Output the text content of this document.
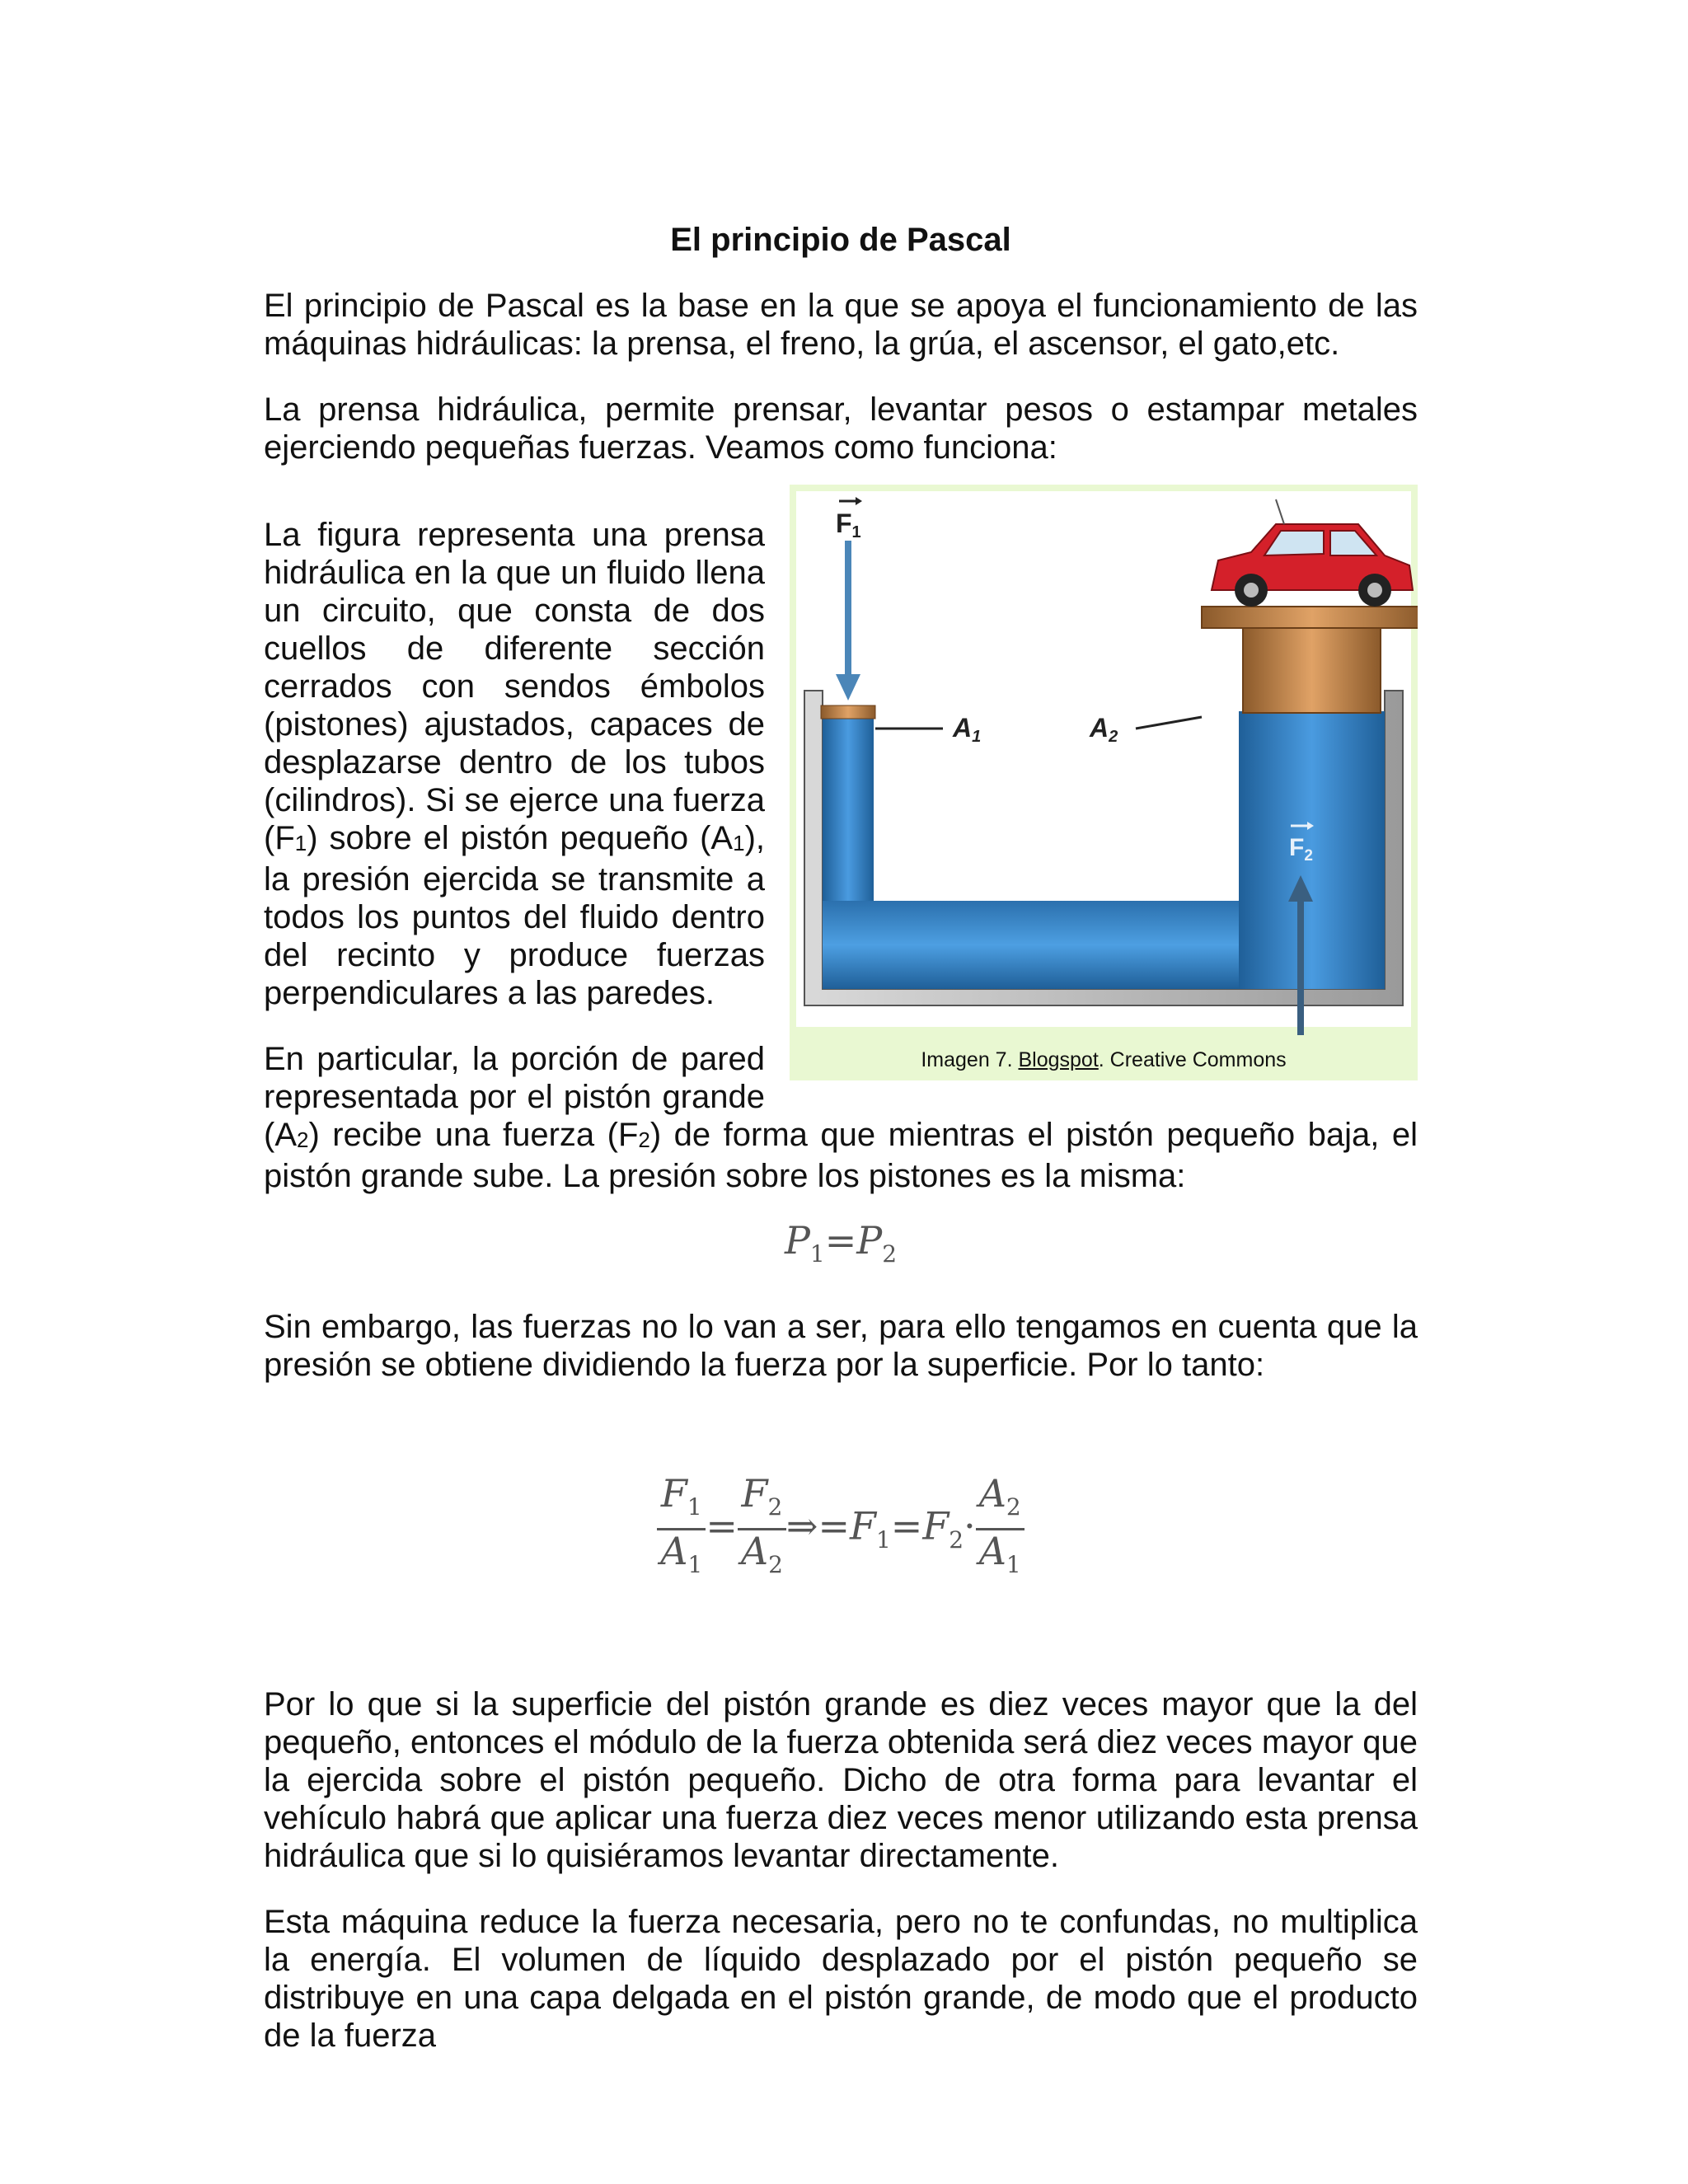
El principio de Pascal

El principio de Pascal es la base en la que se apoya el funcionamiento de las máquinas hidráulicas: la prensa, el freno, la grúa, el ascensor, el gato,etc.

La prensa hidráulica, permite prensar, levantar pesos o estampar metales ejerciendo pequeñas fuerzas. Veamos como funciona:

F1
A1	A2
$F_2$
Imagen 7. Blogspot. Creative Commons

La figura representa una prensa hidráulica en la que un fluido llena un circuito, que consta de dos cuellos de diferente sección cerrados con sendos émbolos (pistones) ajustados, capaces de desplazarse dentro de los tubos (cilindros). Si se ejerce una fuerza $(F_1)$ sobre el pistón pequeño $(A_1)$, la presión ejercida se transmite a todos los puntos del fluido dentro del recinto y produce fuerzas perpendiculares a las paredes.

En particular, la porción de pared representada por el pistón grande $(A_2)$ recibe una fuerza $(F_2)$ de forma que mientras el pistón pequeño baja, el pistón grande sube. La presión sobre los pistones es la misma:

$P_1=P_2$

Sin embargo, las fuerzas no lo van a ser, para ello tengamos en cuenta que la presión se obtiene dividiendo la fuerza por la superficie. Por lo tanto:

$\frac{F_1}{A_1} = \frac{F_2}{A_2}$ $\Rightarrow=F_1=F_2\cdot \frac{A_2}{A_1}$

Por lo que si la superficie del pistón grande es diez veces mayor que la del pequeño, entonces el módulo de la fuerza obtenida será diez veces mayor que la ejercida sobre el pistón pequeño. Dicho de otra forma para levantar el vehículo habrá que aplicar una fuerza diez veces menor utilizando esta prensa hidráulica que si lo quisiéramos levantar directamente.

Esta máquina reduce la fuerza necesaria, pero no te confundas, no multiplica la energía. El volumen de líquido desplazado por el pistón pequeño se distribuye en una capa delgada en el pistón grande, de modo que el producto de la fuerza
